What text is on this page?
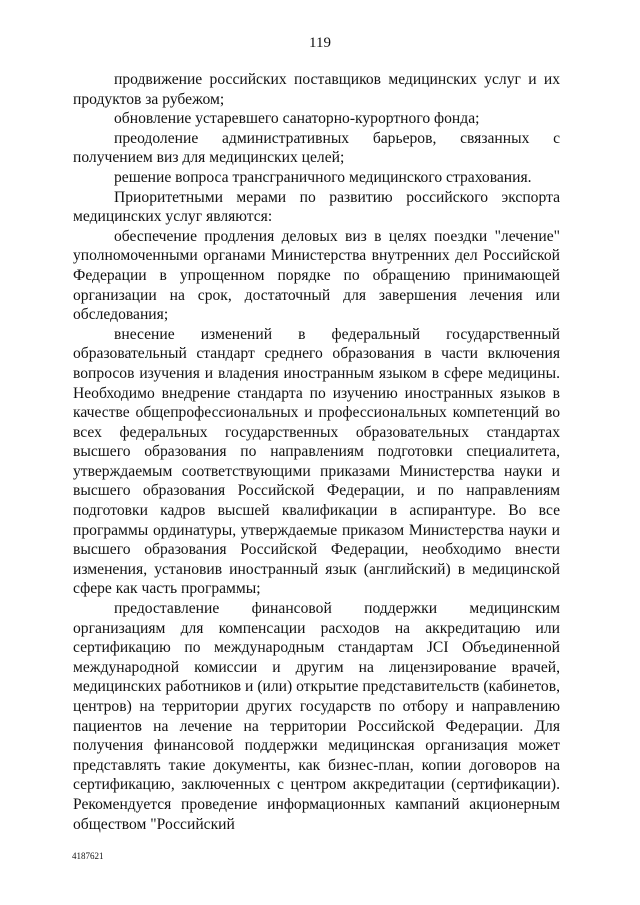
119

продвижение российских поставщиков медицинских услуг и их продуктов за рубежом;

обновление устаревшего санаторно-курортного фонда;

преодоление административных барьеров, связанных с получением виз для медицинских целей;

решение вопроса трансграничного медицинского страхования.

Приоритетными мерами по развитию российского экспорта медицинских услуг являются:

обеспечение продления деловых виз в целях поездки "лечение" уполномоченными органами Министерства внутренних дел Российской Федерации в упрощенном порядке по обращению принимающей организации на срок, достаточный для завершения лечения или обследования;

внесение изменений в федеральный государственный образовательный стандарт среднего образования в части включения вопросов изучения и владения иностранным языком в сфере медицины. Необходимо внедрение стандарта по изучению иностранных языков в качестве общепрофессиональных и профессиональных компетенций во всех федеральных государственных образовательных стандартах высшего образования по направлениям подготовки специалитета, утверждаемым соответствующими приказами Министерства науки и высшего образования Российской Федерации, и по направлениям подготовки кадров высшей квалификации в аспирантуре. Во все программы ординатуры, утверждаемые приказом Министерства науки и высшего образования Российской Федерации, необходимо внести изменения, установив иностранный язык (английский) в медицинской сфере как часть программы;

предоставление финансовой поддержки медицинским организациям для компенсации расходов на аккредитацию или сертификацию по международным стандартам JCI Объединенной международной комиссии и другим на лицензирование врачей, медицинских работников и (или) открытие представительств (кабинетов, центров) на территории других государств по отбору и направлению пациентов на лечение на территории Российской Федерации. Для получения финансовой поддержки медицинская организация может представлять такие документы, как бизнес-план, копии договоров на сертификацию, заключенных с центром аккредитации (сертификации). Рекомендуется проведение информационных кампаний акционерным обществом "Российский

4187621
